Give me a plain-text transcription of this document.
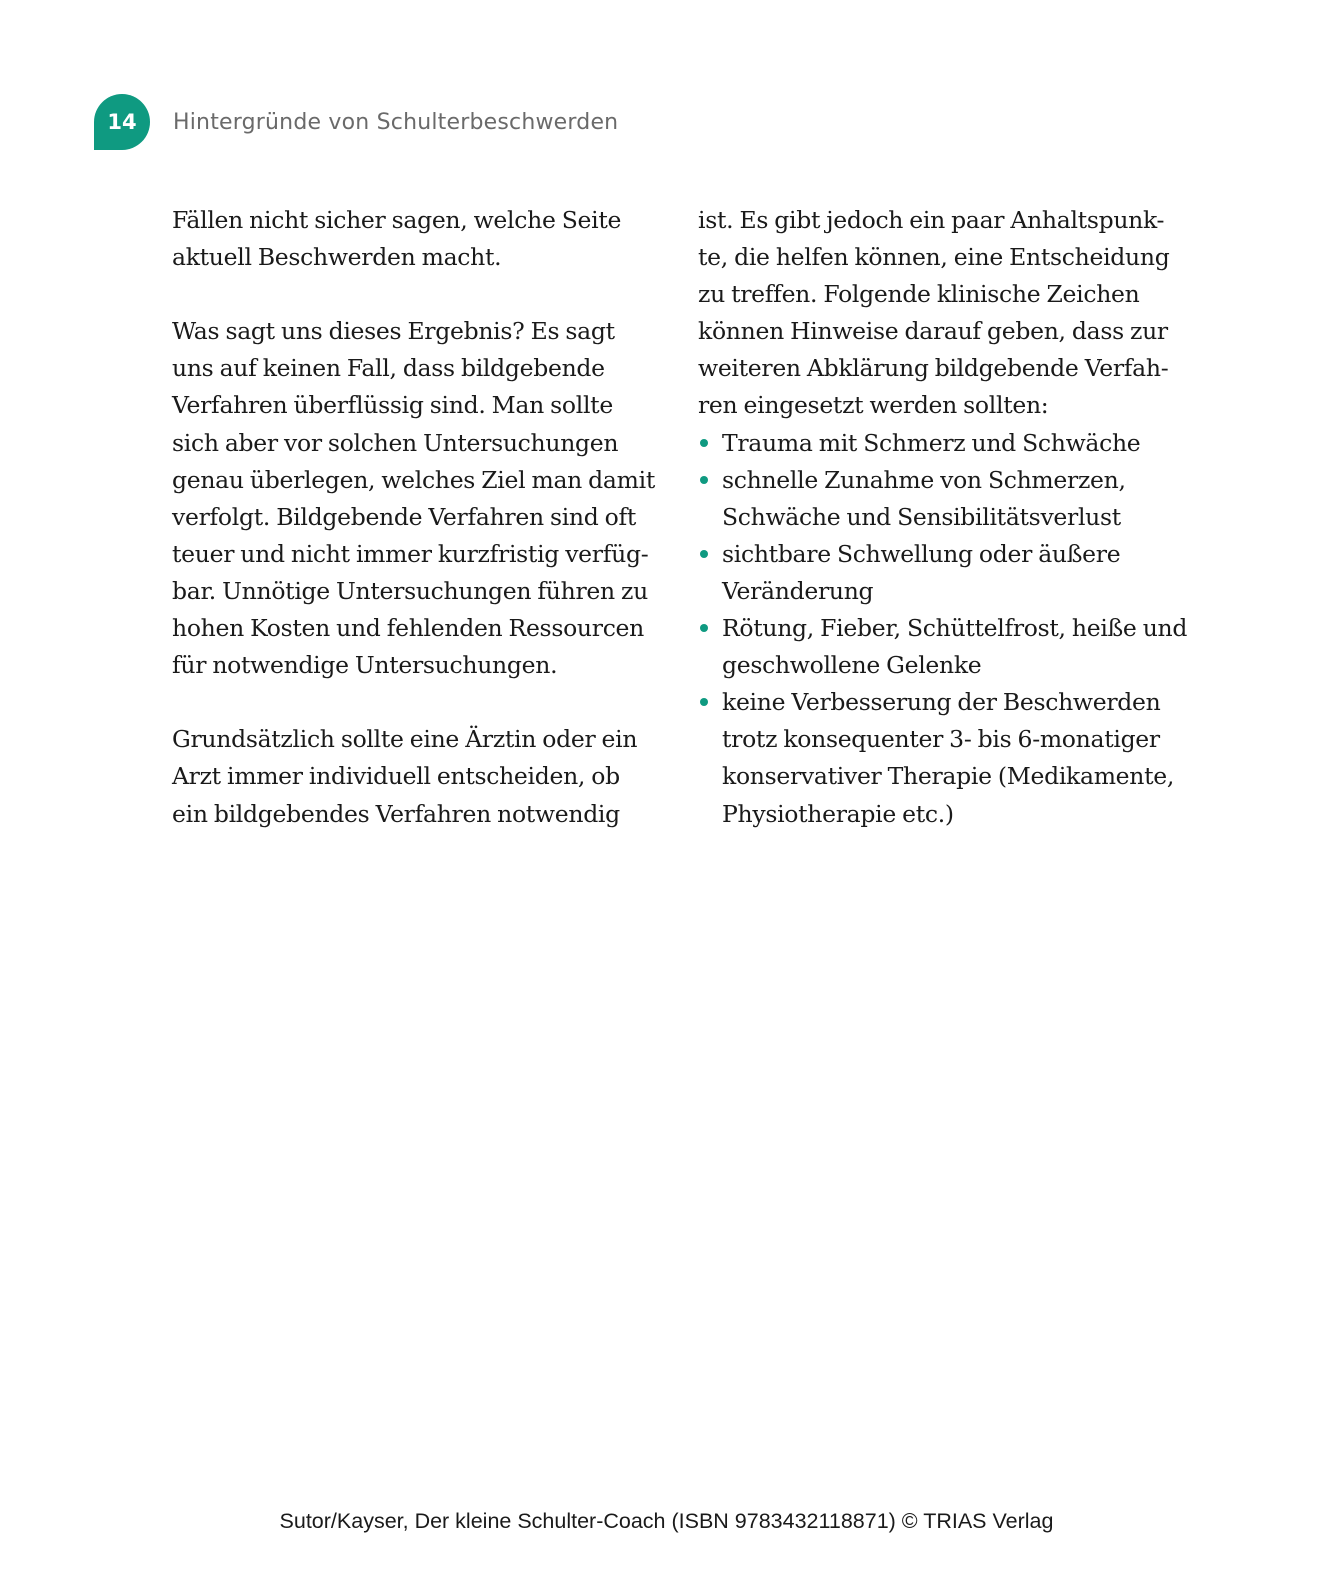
14	Hintergründe von Schulterbeschwerden

Fällen nicht sicher sagen, welche Seite
aktuell Beschwerden macht.

Was sagt uns dieses Ergebnis? Es sagt
uns auf keinen Fall, dass bildgebende
Verfahren überflüssig sind. Man sollte
sich aber vor solchen Untersuchungen
genau überlegen, welches Ziel man damit
verfolgt. Bildgebende Verfahren sind oft
teuer und nicht immer kurzfristig verfüg-
bar. Unnötige Untersuchungen führen zu
hohen Kosten und fehlenden Ressourcen
für notwendige Untersuchungen.

Grundsätzlich sollte eine Ärztin oder ein
Arzt immer individuell entscheiden, ob
ein bildgebendes Verfahren notwendig

ist. Es gibt jedoch ein paar Anhaltspunk-
te, die helfen können, eine Entscheidung
zu treffen. Folgende klinische Zeichen
können Hinweise darauf geben, dass zur
weiteren Abklärung bildgebende Verfah-
ren eingesetzt werden sollten:
Trauma mit Schmerz und Schwäche
schnelle Zunahme von Schmerzen,
Schwäche und Sensibilitätsverlust
sichtbare Schwellung oder äußere
Veränderung
Rötung, Fieber, Schüttelfrost, heiße und
geschwollene Gelenke
keine Verbesserung der Beschwerden
trotz konsequenter 3- bis 6-monatiger
konservativer Therapie (Medikamente,
Physiotherapie etc.)
Sutor/Kayser, Der kleine Schulter-Coach (ISBN 9783432118871) © TRIAS Verlag
